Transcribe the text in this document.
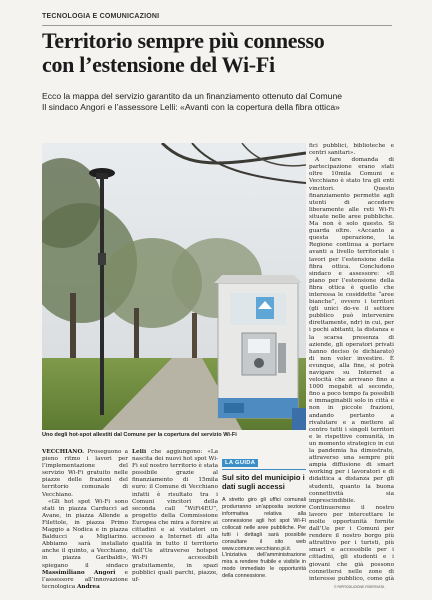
TECNOLOGIA E COMUNICAZIONI
Territorio sempre più connesso
con l’estensione del Wi-Fi
Ecco la mappa del servizio garantito da un finanziamento ottenuto dal Comune
Il sindaco Angori e l’assessore Lelli: «Avanti con la copertura della fibra ottica»
Uno degli hot-spot allestiti dal Comune per la copertura del servizio Wi-Fi

VECCHIANO. Proseguono a pieno ritmo i lavori per l’implementazione del servizio Wi-Fi gratuito nelle piazze delle frazioni del territorio comunale di Vecchiano.

«Gli hot spot Wi-Fi sono stati in piazza Carducci ad Avane, in piazza Allende a Filettole, in piazza Primo Maggio a Nodica e in piazza Balducci a Migliarino. Abbiamo sarà installato anche il quinto, a Vecchiano, in piazza Garibaldi», spiegano il sindaco Massimiliano Angori e l’assessore all’innovazione tecnologica Andrea

Lelli che aggiungono: «La nascita dei nuovi hot spot Wi-Fi sul nostro territorio è stata possibile grazie al finanziamento di 15mila euro: il Comune di Vecchiano infatti è risultato tra i Comuni vincitori della seconda call “WiFi4EU”, progetto della Commissione Europea che mira a fornire ai cittadini e ai visitatori un accesso a Internet di alta qualità in tutto il territorio dell’Ue attraverso hotspot Wi-Fi accessibili gratuitamente, in spazi pubblici quali parchi, piazze, uf-

LA GUIDA
Sul sito del municipio i dati sugli accessi
A stretto giro gli uffici comunali produrranno un’apposita sezione informativa relativa alla connessione agli hot spot Wi-Fi collocati nelle aree pubbliche. Per tutti i dettagli sarà possibile consultare il sito web www.comune.vecchiano.pi.it. L’iniziativa dell’amministrazione mira a rendere fruibile e visibile in modo immediato le opportunità della connessione.

fici pubblici, biblioteche e centri sanitari».

A fare domanda di partecipazione erano stati oltre 10mila Comuni e Vecchiano è stato tra gli enti vincitori. Questo finanziamento permette agli utenti di accedere liberamente alle reti Wi-Fi situate nelle aree pubbliche. Ma non è solo questo. Si guarda oltre. «Accanto a questa operazione, la Regione continua a portare avanti a livello territoriale i lavori per l’estensione della fibra ottica. Concludono sindaco e assessore: «Il piano per l’estensione della fibra ottica è quello che interessa le cosiddette “aree bianche”, ovvero i territori (gli unici do-ve il settore pubblico può intervenire direttamente, ndr) in cui, per i pochi abitanti, la distanza e la scarsa presenza di aziende, gli operatori privati hanno deciso (e dichiarato) di non voler investire. È evunque, alla fine, si potrà navigare su Internet a velocità che arrivano fino a 1000 megabit al secondo, fino a poco tempo fa possibili e immaginabili solo in città e non in piccole frazioni, andando pertanto a rivalutare e a mettere al centro tutti i singoli territori e le rispettive comunità, in un momento strategico in cui la pandemia ha dimostrato, attraverso una sempre più ampia diffusione di smart working per i lavoratori e di didattica a distanza per gli studenti, quanto la buona connettività sia imprescindibile. Continueremo il nostro lavoro per intercettare le molte opportunità fornite dall’Ue per i Comuni per rendere il nostro borgo più attrattivo per i turisti, più smart e accessibile per i cittadini, gli studenti e i giovani che già possono connettersi nelle zone di interesse pubblico, come già

© RIPRODUZIONE RISERVATA
